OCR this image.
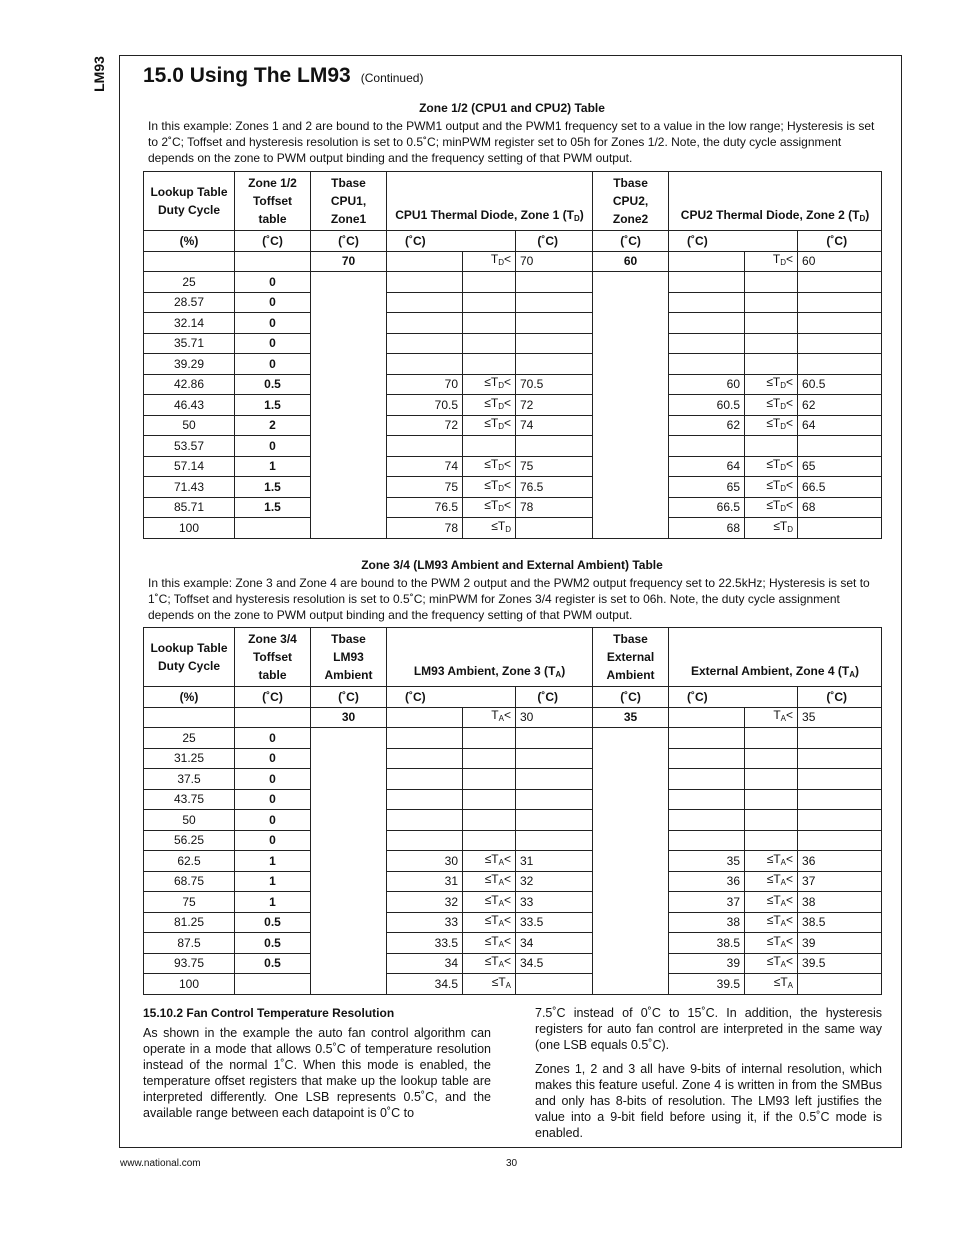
LM93 15.0 Using The LM93 (Continued)
Zone 1/2 (CPU1 and CPU2) Table
In this example: Zones 1 and 2 are bound to the PWM1 output and the PWM1 frequency set to a value in the low range; Hysteresis is set to 2˚C; Toffset and hysteresis resolution is set to 0.5˚C; minPWM register set to 05h for Zones 1/2. Note, the duty cycle assignment depends on the zone to PWM output binding and the frequency setting of that PWM output.
Lookup Table Duty Cycle	Zone 1/2 Toffset table	Tbase CPU1, Zone1	CPU1 Thermal Diode, Zone 1 $(T_D)$			Tbase CPU2, Zone2	CPU2 Thermal Diode, Zone 2 $(T_D)$		
(%)	(˚C)	(˚C)	(˚C)		(˚C)	(˚C)	(˚C)		(˚C)
		70		$T_D<$	70	60		$T_D<$	60
25	0								
28.57	0								
32.14	0								
35.71	0								
39.29	0								
42.86	0.5		70	$\le T_D<$	70.5		60	$\le T_D<$	60.5
46.43	1.5		70.5	$\le T_D<$	72		60.5	$\le T_D<$	62
50	2		72	$\le T_D<$	74		62	$\le T_D<$	64
53.57	0								
57.14	1		74	$\le T_D<$	75		64	$\le T_D<$	65
71.43	1.5		75	$\le T_D<$	76.5		65	$\le T_D<$	66.5
85.71	1.5		76.5	$\le T_D<$	78		66.5	$\le T_D<$	68
100			78	$\le T_D$			68	$\le T_D$	
Zone 3/4 (LM93 Ambient and External Ambient) Table
In this example: Zone 3 and Zone 4 are bound to the PWM 2 output and the PWM2 output frequency set to 22.5kHz; Hysteresis is set to 1˚C; Toffset and hysteresis resolution is set to 0.5˚C; minPWM for Zones 3/4 register is set to 06h. Note, the duty cycle assignment depends on the zone to PWM output binding and the frequency setting of that PWM output.
Lookup Table Duty Cycle	Zone 3/4 Toffset table	Tbase LM93 Ambient	LM93 Ambient, Zone 3 $(T_A)$			Tbase External Ambient	External Ambient, Zone 4 $(T_A)$		
(%)	(˚C)	(˚C)	(˚C)		(˚C)	(˚C)	(˚C)		(˚C)
		30		$T_A<$	30	35		$T_A<$	35
25	0								
31.25	0								
37.5	0								
43.75	0								
50	0								
56.25	0								
62.5	1		30	$\le T_A<$	31		35	$\le T_A<$	36
68.75	1		31	$\le T_A<$	32		36	$\le T_A<$	37
75	1		32	$\le T_A<$	33		37	$\le T_A<$	38
81.25	0.5		33	$\le T_A<$	33.5		38	$\le T_A<$	38.5
87.5	0.5		33.5	$\le T_A<$	34		38.5	$\le T_A<$	39
93.75	0.5		34	$\le T_A<$	34.5		39	$\le T_A<$	39.5
100			34.5	$\le T_A$			39.5	$\le T_A$	
15.10.2 Fan Control Temperature Resolution

As shown in the example the auto fan control algorithm can operate in a mode that allows 0.5˚C of temperature resolution instead of the normal 1˚C. When this mode is enabled, the temperature offset registers that make up the lookup table are interpreted differently. One LSB represents 0.5˚C, and the available range between each datapoint is 0˚C to

7.5˚C instead of 0˚C to 15˚C. In addition, the hysteresis registers for auto fan control are interpreted in the same way (one LSB equals 0.5˚C).

Zones 1, 2 and 3 all have 9-bits of internal resolution, which makes this feature useful. Zone 4 is written in from the SMBus and only has 8-bits of resolution. The LM93 left justifies the value into a 9-bit field before using it, if the 0.5˚C mode is enabled.

www.national.com	30
